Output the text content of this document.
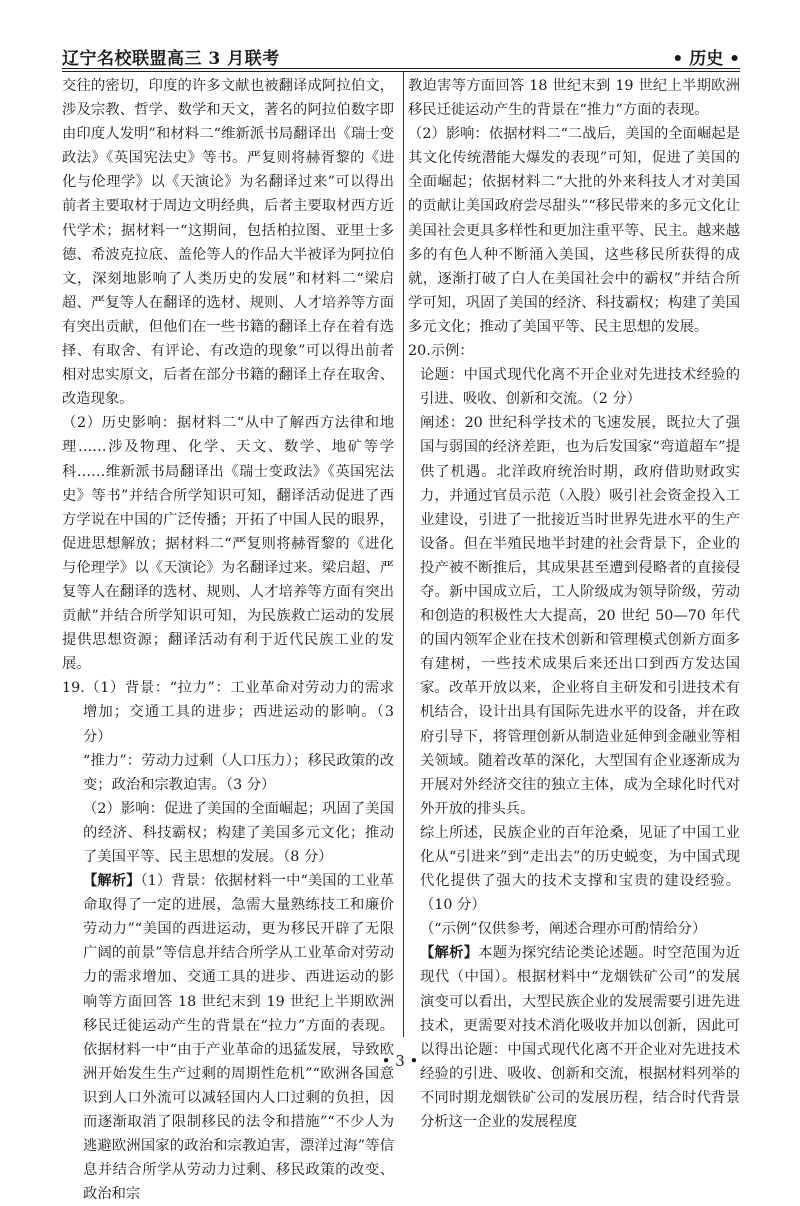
辽宁名校联盟高三 3 月联考	• 历史 •

交往的密切，印度的许多文献也被翻译成阿拉伯文，涉及宗教、哲学、数学和天文，著名的阿拉伯数字即由印度人发明”和材料二“维新派书局翻译出《瑞士变政法》《英国宪法史》等书。严复则将赫胥黎的《进化与伦理学》以《天演论》为名翻译过来”可以得出前者主要取材于周边文明经典，后者主要取材西方近代学术；据材料一“这期间，包括柏拉图、亚里士多德、希波克拉底、盖伦等人的作品大半被译为阿拉伯文，深刻地影响了人类历史的发展”和材料二“梁启超、严复等人在翻译的选材、规则、人才培养等方面有突出贡献，但他们在一些书籍的翻译上存在着有选择、有取舍、有评论、有改造的现象”可以得出前者相对忠实原文，后者在部分书籍的翻译上存在取舍、改造现象。

（2）历史影响：据材料二“从中了解西方法律和地理……涉及物理、化学、天文、数学、地矿等学科……维新派书局翻译出《瑞士变政法》《英国宪法史》等书”并结合所学知识可知，翻译活动促进了西方学说在中国的广泛传播；开拓了中国人民的眼界，促进思想解放；据材料二“严复则将赫胥黎的《进化与伦理学》以《天演论》为名翻译过来。梁启超、严复等人在翻译的选材、规则、人才培养等方面有突出贡献”并结合所学知识可知，为民族救亡运动的发展提供思想资源；翻译活动有利于近代民族工业的发展。

19.（1）背景：“拉力”：工业革命对劳动力的需求增加；交通工具的进步；西进运动的影响。（3 分）

“推力”：劳动力过剩（人口压力）；移民政策的改变；政治和宗教迫害。（3 分）

（2）影响：促进了美国的全面崛起；巩固了美国的经济、科技霸权；构建了美国多元文化；推动了美国平等、民主思想的发展。（8 分）

【解析】（1）背景：依据材料一中“美国的工业革命取得了一定的进展，急需大量熟练技工和廉价劳动力”“美国的西进运动，更为移民开辟了无限广阔的前景”等信息并结合所学从工业革命对劳动力的需求增加、交通工具的进步、西进运动的影响等方面回答 18 世纪末到 19 世纪上半期欧洲移民迁徙运动产生的背景在“拉力”方面的表现。依据材料一中“由于产业革命的迅猛发展，导致欧洲开始发生生产过剩的周期性危机”“欧洲各国意识到人口外流可以减轻国内人口过剩的负担，因而逐渐取消了限制移民的法令和措施”“不少人为逃避欧洲国家的政治和宗教迫害，漂洋过海”等信息并结合所学从劳动力过剩、移民政策的改变、政治和宗

教迫害等方面回答 18 世纪末到 19 世纪上半期欧洲移民迁徙运动产生的背景在“推力”方面的表现。

（2）影响：依据材料二“二战后，美国的全面崛起是其文化传统潜能大爆发的表现”可知，促进了美国的全面崛起；依据材料二“大批的外来科技人才对美国的贡献让美国政府尝尽甜头”“移民带来的多元文化让美国社会更具多样性和更加注重平等、民主。越来越多的有色人种不断涌入美国，这些移民所获得的成就，逐渐打破了白人在美国社会中的霸权”并结合所学可知，巩固了美国的经济、科技霸权；构建了美国多元文化；推动了美国平等、民主思想的发展。

20.示例：

论题：中国式现代化离不开企业对先进技术经验的引进、吸收、创新和交流。（2 分）

阐述：20 世纪科学技术的飞速发展，既拉大了强国与弱国的经济差距，也为后发国家“弯道超车”提供了机遇。北洋政府统治时期，政府借助财政实力，并通过官员示范（入股）吸引社会资金投入工业建设，引进了一批接近当时世界先进水平的生产设备。但在半殖民地半封建的社会背景下，企业的投产被不断推后，其成果甚至遭到侵略者的直接侵夺。新中国成立后，工人阶级成为领导阶级，劳动和创造的积极性大大提高，20 世纪 50—70 年代的国内领军企业在技术创新和管理模式创新方面多有建树，一些技术成果后来还出口到西方发达国家。改革开放以来，企业将自主研发和引进技术有机结合，设计出具有国际先进水平的设备，并在政府引导下，将管理创新从制造业延伸到金融业等相关领域。随着改革的深化，大型国有企业逐渐成为开展对外经济交往的独立主体，成为全球化时代对外开放的排头兵。

综上所述，民族企业的百年沧桑，见证了中国工业化从“引进来”到“走出去”的历史蜕变，为中国式现代化提供了强大的技术支撑和宝贵的建设经验。（10 分）

（“示例”仅供参考，阐述合理亦可酌情给分）

【解析】本题为探究结论类论述题。时空范围为近现代（中国）。根据材料中“龙烟铁矿公司”的发展演变可以看出，大型民族企业的发展需要引进先进技术，更需要对技术消化吸收并加以创新，因此可以得出论题：中国式现代化离不开企业对先进技术经验的引进、吸收、创新和交流，根据材料列举的不同时期龙烟铁矿公司的发展历程，结合时代背景分析这一企业的发展程度

• 3 •
